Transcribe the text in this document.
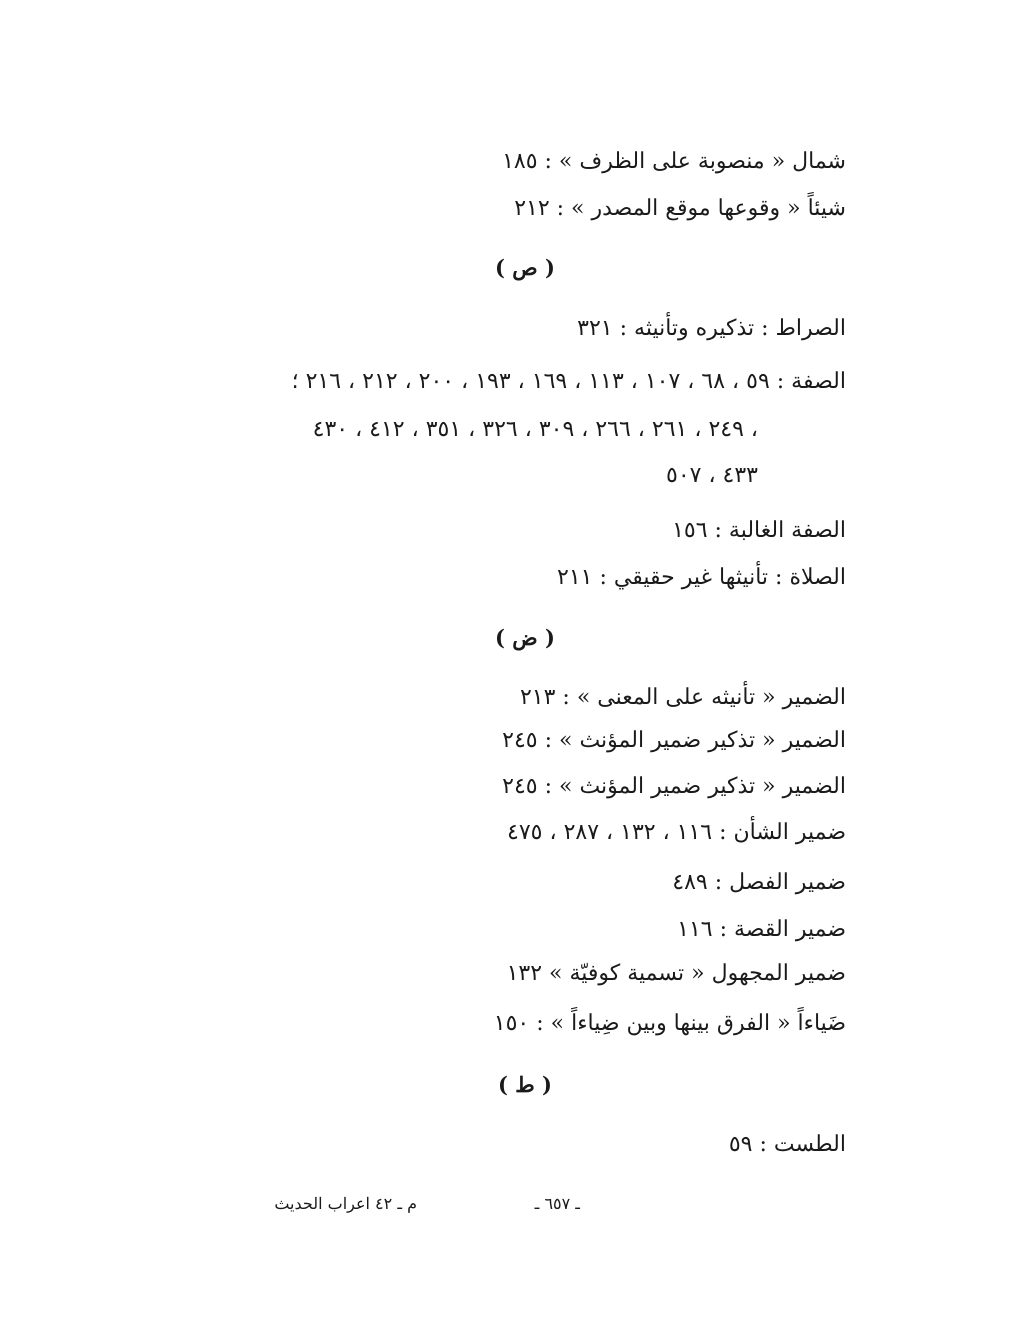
شمال « منصوبة على الظرف » : ١٨٥
شيئاً « وقوعها موقع المصدر » : ٢١٢
( ص )
الصراط : تذكيره وتأنيثه : ٣٢١
الصفة : ٥٩ ، ٦٨ ، ١٠٧ ، ١١٣ ، ١٦٩ ، ١٩٣ ، ٢٠٠ ، ٢١٢ ، ٢١٦ ؛
٢٤٩ ، ٢٦١ ، ٢٦٦ ، ٣٠٩ ، ٣٢٦ ، ٣٥١ ، ٤١٢ ، ٤٣٠ ،
٤٣٣ ، ٥٠٧
الصفة الغالبة : ١٥٦
الصلاة : تأنيثها غير حقيقي : ٢١١
( ض )
الضمير « تأنيثه على المعنى » : ٢١٣
الضمير « تذكير ضمير المؤنث » : ٢٤٥
الضمير « تذكير ضمير المؤنث » : ٢٤٥
ضمير الشأن : ١١٦ ، ١٣٢ ، ٢٨٧ ، ٤٧٥
ضمير الفصل : ٤٨٩
ضمير القصة : ١١٦
ضمير المجهول « تسمية كوفيّة » ١٣٢
ضَياءاً « الفرق بينها وبين ضِياءاً » : ١٥٠
( ط )
الطست : ٥٩
ـ ٦٥٧ ـ
م ـ ٤٢ اعراب الحديث
